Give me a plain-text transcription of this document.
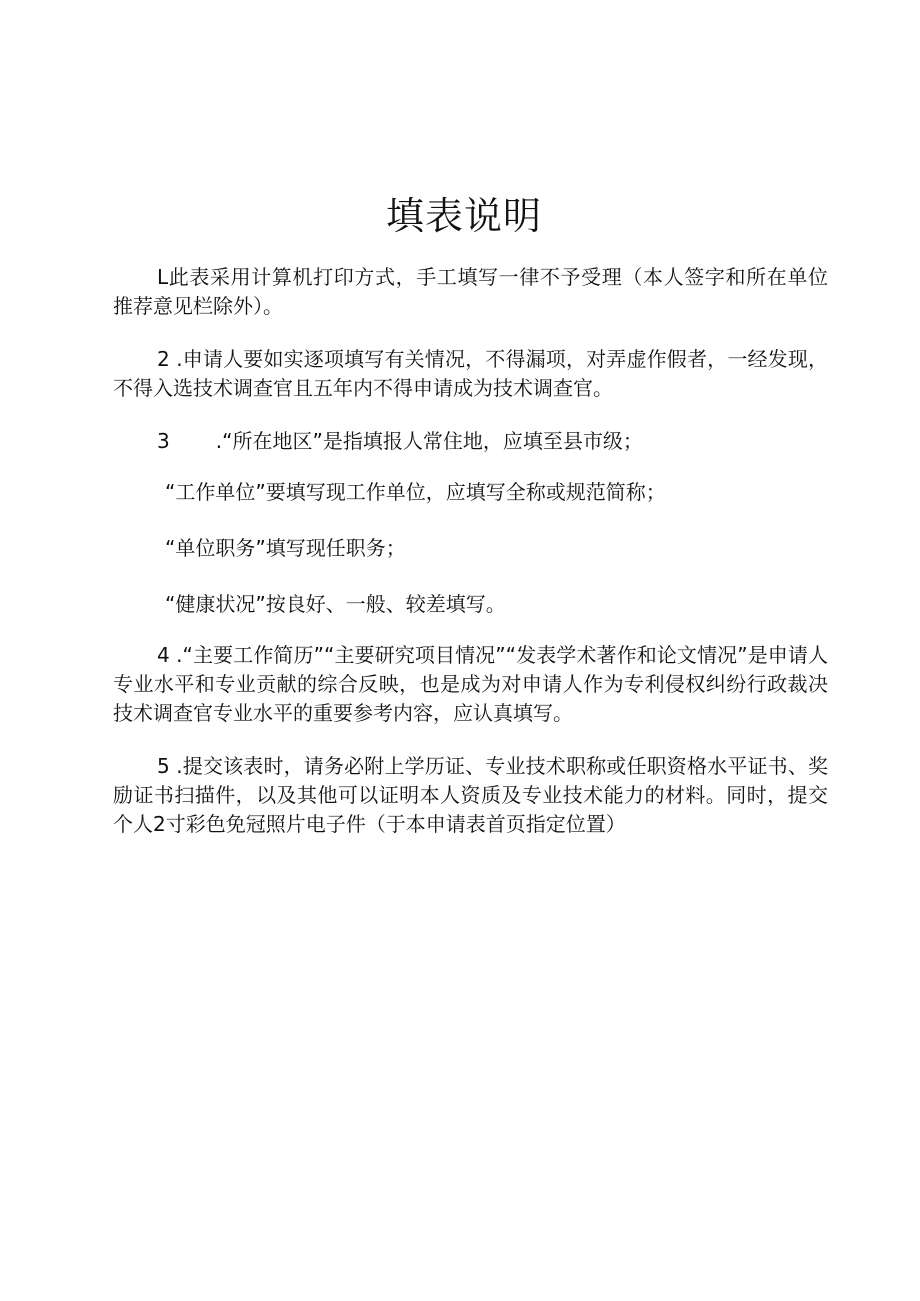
填表说明

L此表采用计算机打印方式，手工填写一律不予受理（本人签字和所在单位推荐意见栏除外）。

2 .申请人要如实逐项填写有关情况，不得漏项，对弄虚作假者，一经发现，不得入选技术调查官且五年内不得申请成为技术调查官。

3 .“所在地区”是指填报人常住地，应填至县市级；

“工作单位”要填写现工作单位，应填写全称或规范简称；

“单位职务”填写现任职务；

“健康状况”按良好、一般、较差填写。

4 .“主要工作简历”“主要研究项目情况”“发表学术著作和论文情况”是申请人专业水平和专业贡献的综合反映，也是成为对申请人作为专利侵权纠纷行政裁决技术调查官专业水平的重要参考内容，应认真填写。

5 .提交该表时，请务必附上学历证、专业技术职称或任职资格水平证书、奖励证书扫描件，以及其他可以证明本人资质及专业技术能力的材料。同时，提交个人2寸彩色免冠照片电子件（于本申请表首页指定位置）
